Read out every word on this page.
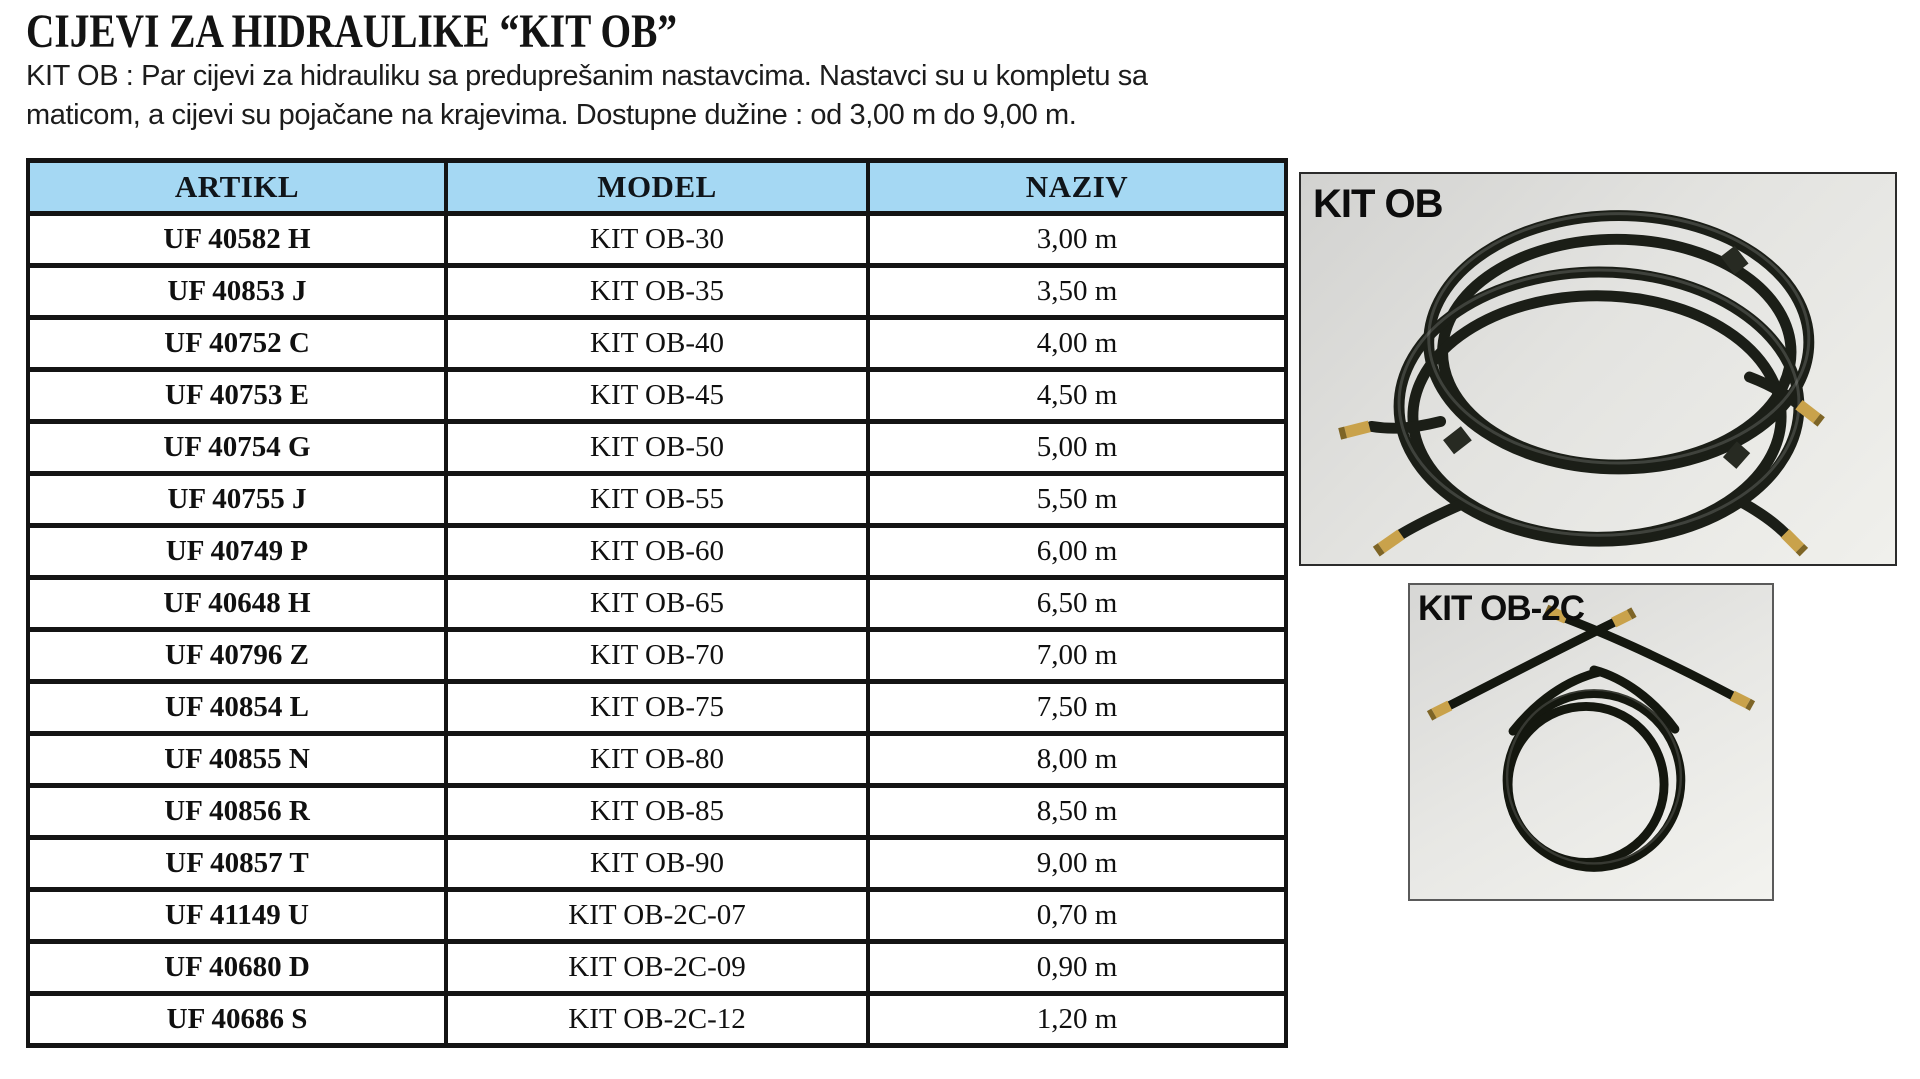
CIJEVI ZA HIDRAULIKE “KIT OB”

KIT OB : Par cijevi za hidrauliku sa preduprešanim nastavcima. Nastavci su u kompletu sa
maticom, a cijevi su pojačane na krajevima. Dostupne dužine : od 3,00 m do 9,00 m.

ARTIKL	MODEL	NAZIV
UF 40582 H	KIT OB-30	3,00 m
UF 40853 J	KIT OB-35	3,50 m
UF 40752 C	KIT OB-40	4,00 m
UF 40753 E	KIT OB-45	4,50 m
UF 40754 G	KIT OB-50	5,00 m
UF 40755 J	KIT OB-55	5,50 m
UF 40749 P	KIT OB-60	6,00 m
UF 40648 H	KIT OB-65	6,50 m
UF 40796 Z	KIT OB-70	7,00 m
UF 40854 L	KIT OB-75	7,50 m
UF 40855 N	KIT OB-80	8,00 m
UF 40856 R	KIT OB-85	8,50 m
UF 40857 T	KIT OB-90	9,00 m
UF 41149 U	KIT OB-2C-07	0,70 m
UF 40680 D	KIT OB-2C-09	0,90 m
UF 40686 S	KIT OB-2C-12	1,20 m
KIT OB
KIT OB-2C
